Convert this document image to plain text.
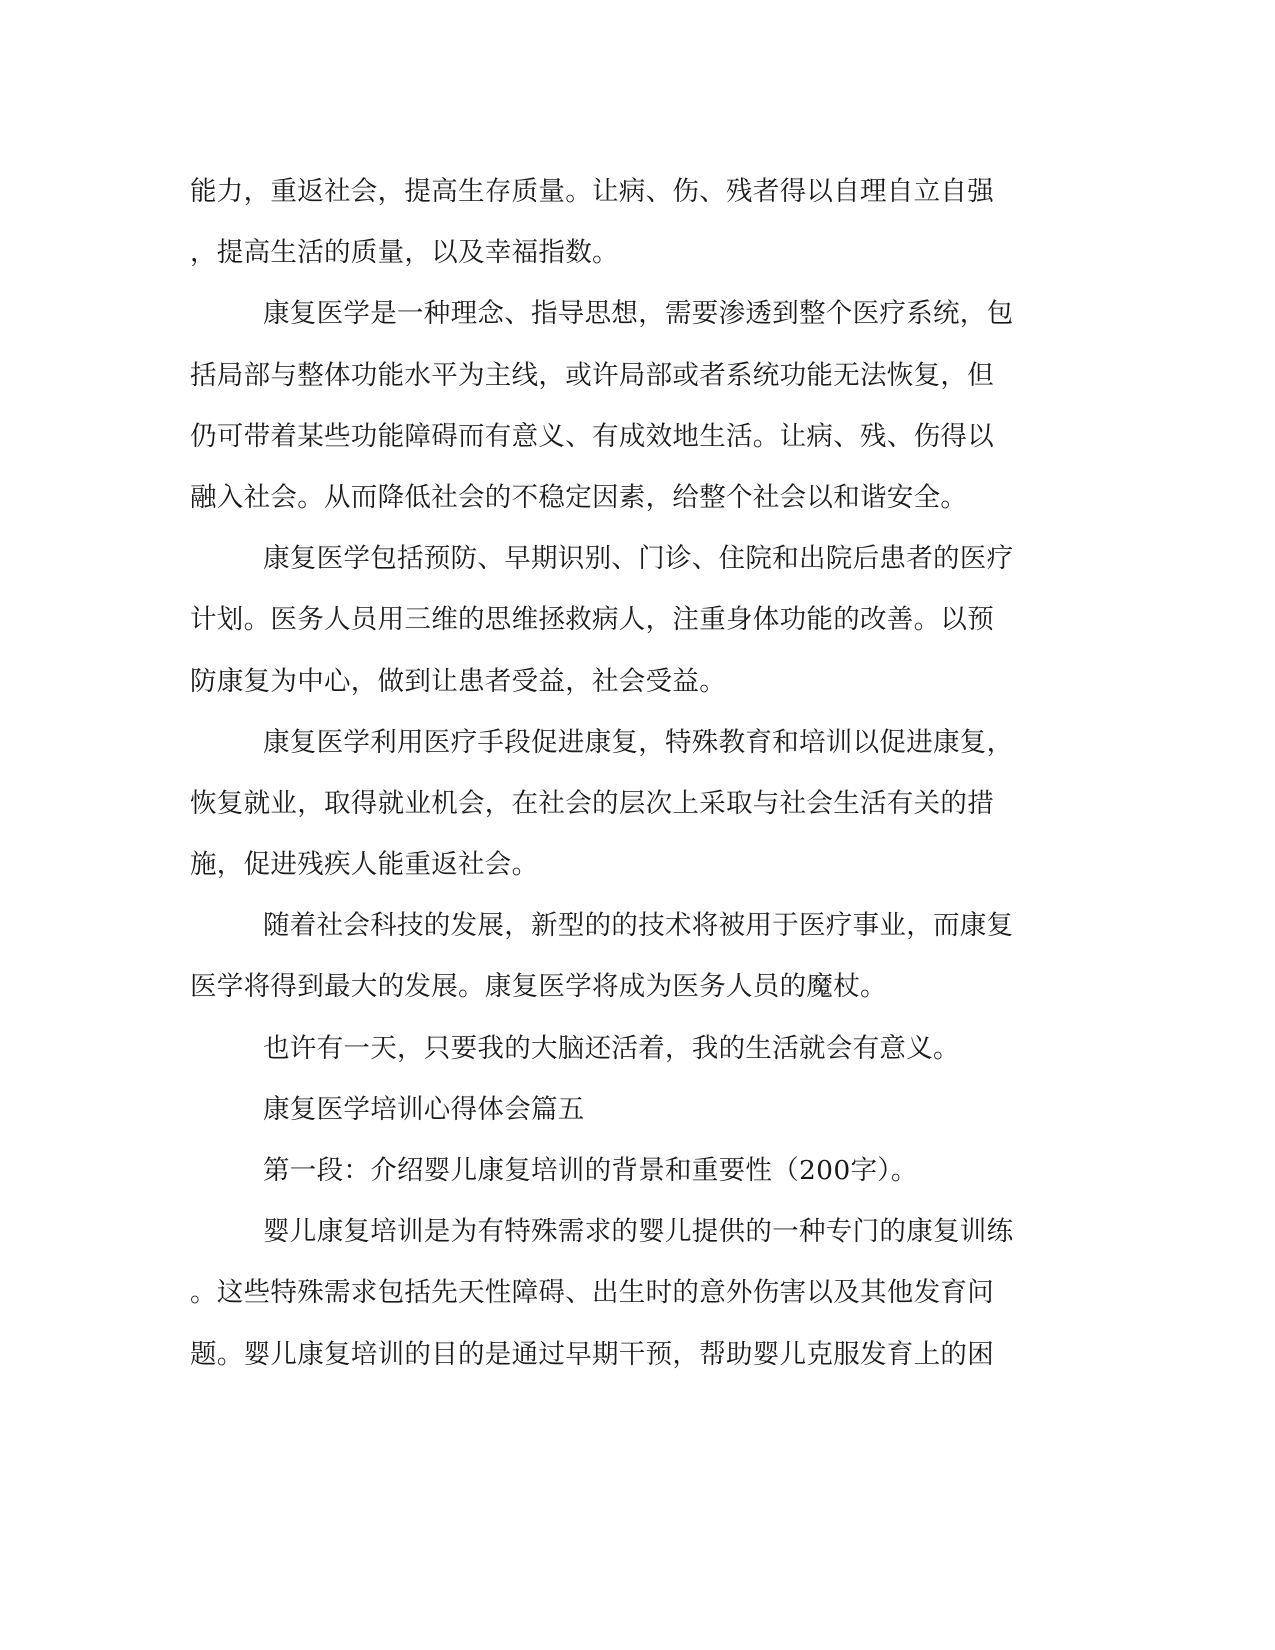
能力，重返社会，提高生存质量。让病、伤、残者得以自理自立自强
，提高生活的质量，以及幸福指数。
康复医学是一种理念、指导思想，需要渗透到整个医疗系统，包
括局部与整体功能水平为主线，或许局部或者系统功能无法恢复，但
仍可带着某些功能障碍而有意义、有成效地生活。让病、残、伤得以
融入社会。从而降低社会的不稳定因素，给整个社会以和谐安全。
康复医学包括预防、早期识别、门诊、住院和出院后患者的医疗
计划。医务人员用三维的思维拯救病人，注重身体功能的改善。以预
防康复为中心，做到让患者受益，社会受益。
康复医学利用医疗手段促进康复，特殊教育和培训以促进康复，
恢复就业，取得就业机会，在社会的层次上采取与社会生活有关的措
施，促进残疾人能重返社会。
随着社会科技的发展，新型的的技术将被用于医疗事业，而康复
医学将得到最大的发展。康复医学将成为医务人员的魔杖。
也许有一天，只要我的大脑还活着，我的生活就会有意义。
康复医学培训心得体会篇五
第一段：介绍婴儿康复培训的背景和重要性（200字）。
婴儿康复培训是为有特殊需求的婴儿提供的一种专门的康复训练
。这些特殊需求包括先天性障碍、出生时的意外伤害以及其他发育问
题。婴儿康复培训的目的是通过早期干预，帮助婴儿克服发育上的困
